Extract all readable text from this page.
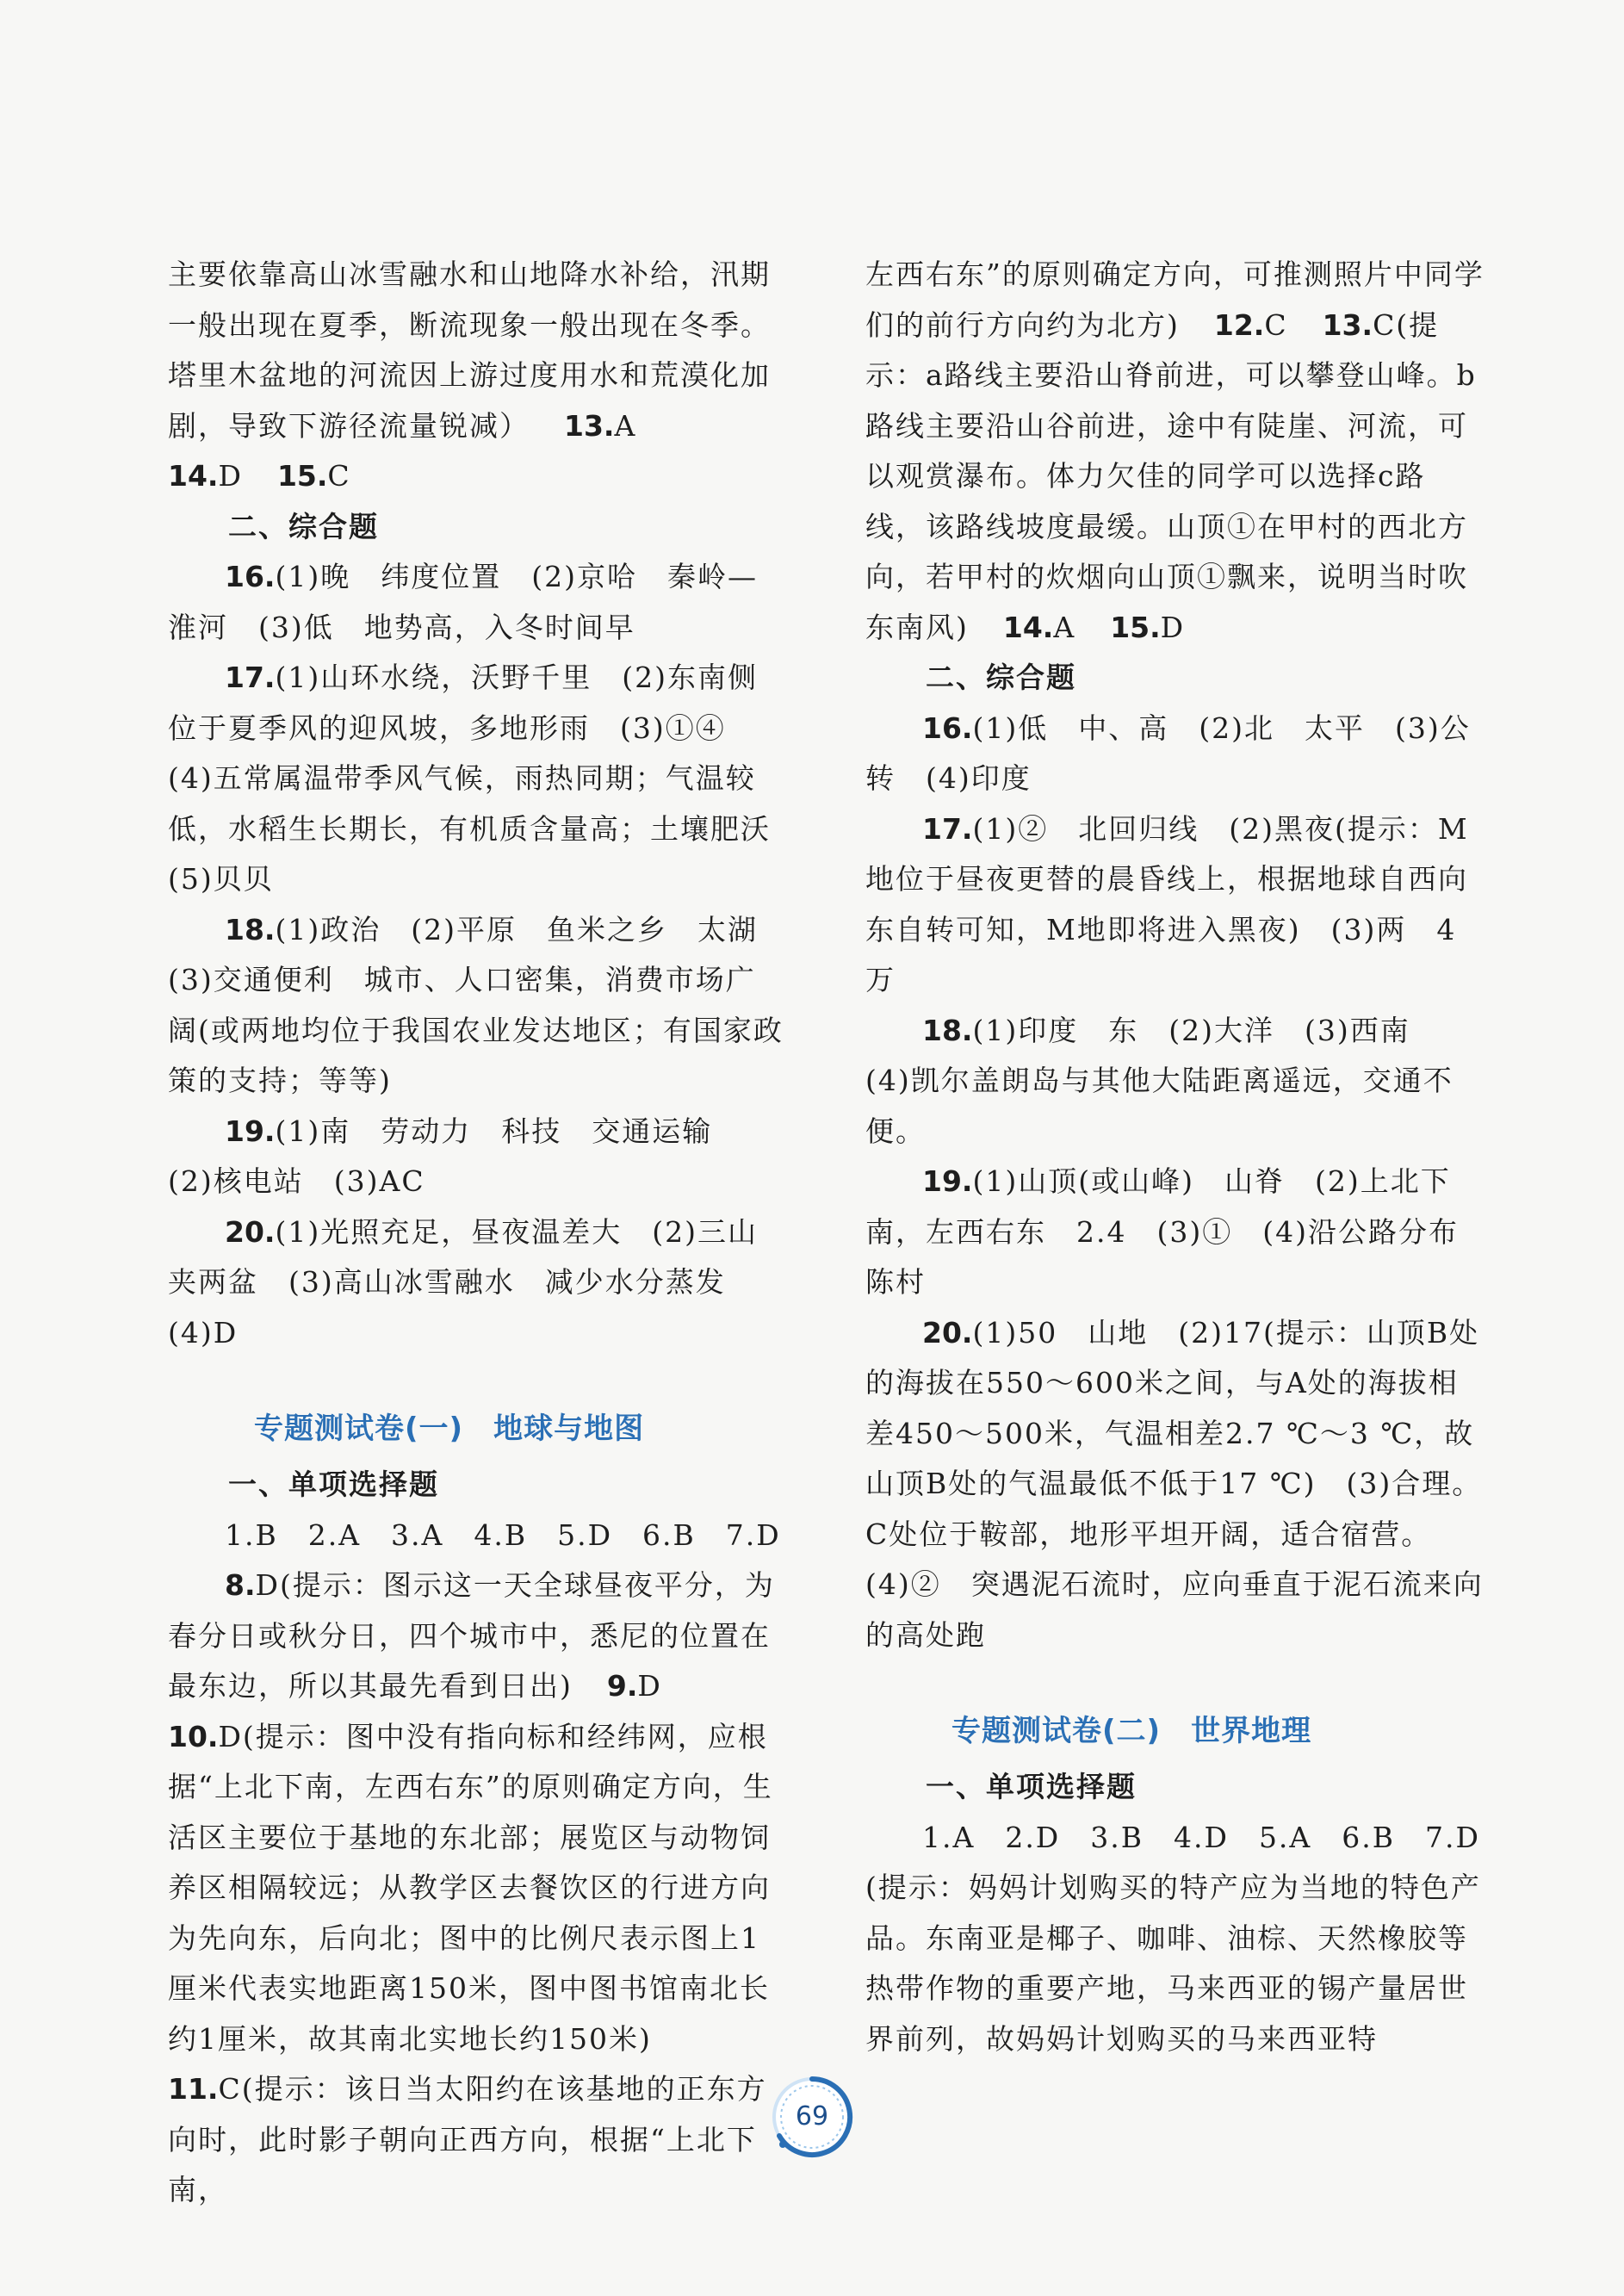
主要依靠高山冰雪融水和山地降水补给，汛期一般出现在夏季，断流现象一般出现在冬季。塔里木盆地的河流因上游过度用水和荒漠化加剧，导致下游径流量锐减） 13.A

14.D 15.C

二、综合题

16.(1)晚　纬度位置　(2)京哈　秦岭—淮河　(3)低　地势高，入冬时间早

17.(1)山环水绕，沃野千里　(2)东南侧位于夏季风的迎风坡，多地形雨　(3)①④　(4)五常属温带季风气候，雨热同期；气温较低，水稻生长期长，有机质含量高；土壤肥沃　(5)贝贝

18.(1)政治　(2)平原　鱼米之乡　太湖　(3)交通便利　城市、人口密集，消费市场广阔(或两地均位于我国农业发达地区；有国家政策的支持；等等)

19.(1)南　劳动力　科技　交通运输　(2)核电站　(3)AC

20.(1)光照充足，昼夜温差大　(2)三山夹两盆　(3)高山冰雪融水　减少水分蒸发　(4)D

专题测试卷(一)　地球与地图

一、单项选择题

1.B　2.A　3.A　4.B　5.D　6.B　7.D

8.D(提示：图示这一天全球昼夜平分，为春分日或秋分日，四个城市中，悉尼的位置在最东边，所以其最先看到日出) 9.D10.D(提示：图中没有指向标和经纬网，应根据“上北下南，左西右东”的原则确定方向，生活区主要位于基地的东北部；展览区与动物饲养区相隔较远；从教学区去餐饮区的行进方向为先向东，后向北；图中的比例尺表示图上1厘米代表实地距离150米，图中图书馆南北长约1厘米，故其南北实地长约150米)11.C(提示：该日当太阳约在该基地的正东方向时，此时影子朝向正西方向，根据“上北下南，

左西右东”的原则确定方向，可推测照片中同学们的前行方向约为北方) 12.C 13.C(提示：a路线主要沿山脊前进，可以攀登山峰。b路线主要沿山谷前进，途中有陡崖、河流，可以观赏瀑布。体力欠佳的同学可以选择c路线，该路线坡度最缓。山顶①在甲村的西北方向，若甲村的炊烟向山顶①飘来，说明当时吹东南风) 14.A 15.D

二、综合题

16.(1)低　中、高　(2)北　太平　(3)公转　(4)印度

17.(1)②　北回归线　(2)黑夜(提示：M地位于昼夜更替的晨昏线上，根据地球自西向东自转可知，M地即将进入黑夜)　(3)两　4万

18.(1)印度　东　(2)大洋　(3)西南　(4)凯尔盖朗岛与其他大陆距离遥远，交通不便。

19.(1)山顶(或山峰)　山脊　(2)上北下南，左西右东　2.4　(3)①　(4)沿公路分布　陈村

20.(1)50　山地　(2)17(提示：山顶B处的海拔在550～600米之间，与A处的海拔相差450～500米，气温相差2.7 ℃～3 ℃，故山顶B处的气温最低不低于17 ℃)　(3)合理。C处位于鞍部，地形平坦开阔，适合宿营。　(4)②　突遇泥石流时，应向垂直于泥石流来向的高处跑

专题测试卷(二)　世界地理

一、单项选择题

1.A　2.D　3.B　4.D　5.A　6.B　7.D

(提示：妈妈计划购买的特产应为当地的特色产品。东南亚是椰子、咖啡、油棕、天然橡胶等热带作物的重要产地，马来西亚的锡产量居世界前列，故妈妈计划购买的马来西亚特

69
